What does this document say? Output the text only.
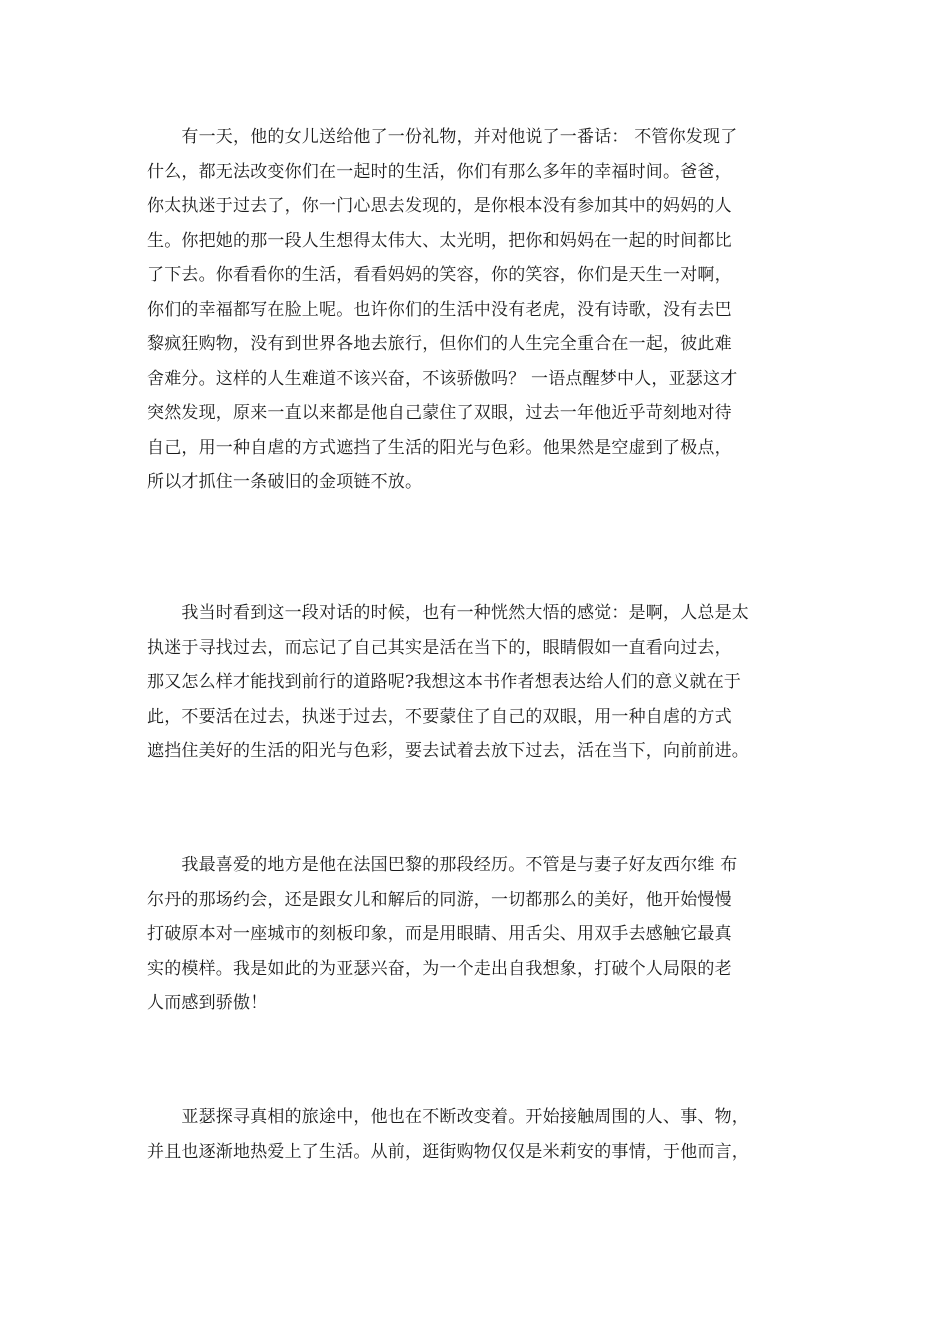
　　有一天，他的女儿送给他了一份礼物，并对他说了一番话： 不管你发现了
什么，都无法改变你们在一起时的生活，你们有那么多年的幸福时间。爸爸，
你太执迷于过去了，你一门心思去发现的，是你根本没有参加其中的妈妈的人
生。你把她的那一段人生想得太伟大、太光明，把你和妈妈在一起的时间都比
了下去。你看看你的生活，看看妈妈的笑容，你的笑容，你们是天生一对啊，
你们的幸福都写在脸上呢。也许你们的生活中没有老虎，没有诗歌，没有去巴
黎疯狂购物，没有到世界各地去旅行，但你们的人生完全重合在一起，彼此难
舍难分。这样的人生难道不该兴奋，不该骄傲吗？ 一语点醒梦中人，亚瑟这才
突然发现，原来一直以来都是他自己蒙住了双眼，过去一年他近乎苛刻地对待
自己，用一种自虐的方式遮挡了生活的阳光与色彩。他果然是空虚到了极点，
所以才抓住一条破旧的金项链不放。
　　我当时看到这一段对话的时候，也有一种恍然大悟的感觉：是啊，人总是太
执迷于寻找过去，而忘记了自己其实是活在当下的，眼睛假如一直看向过去，
那又怎么样才能找到前行的道路呢?我想这本书作者想表达给人们的意义就在于
此，不要活在过去，执迷于过去，不要蒙住了自己的双眼，用一种自虐的方式
遮挡住美好的生活的阳光与色彩，要去试着去放下过去，活在当下，向前前进。
　　我最喜爱的地方是他在法国巴黎的那段经历。不管是与妻子好友西尔维 布
尔丹的那场约会，还是跟女儿和解后的同游，一切都那么的美好，他开始慢慢
打破原本对一座城市的刻板印象，而是用眼睛、用舌尖、用双手去感触它最真
实的模样。我是如此的为亚瑟兴奋，为一个走出自我想象，打破个人局限的老
人而感到骄傲！
　　亚瑟探寻真相的旅途中，他也在不断改变着。开始接触周围的人、事、物，
并且也逐渐地热爱上了生活。从前，逛街购物仅仅是米莉安的事情，于他而言，
